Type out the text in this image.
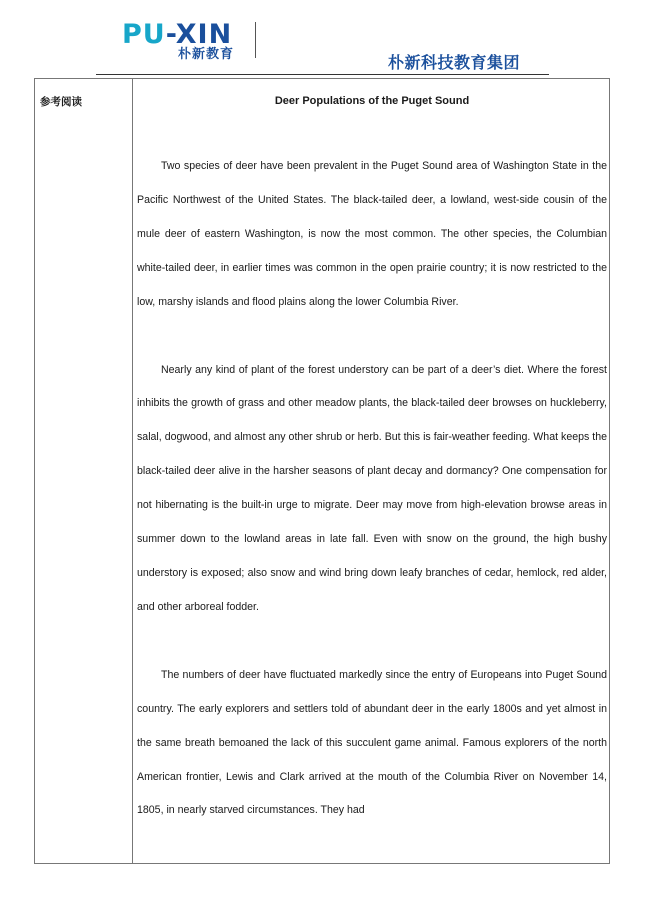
PU-XIN
朴新教育	朴新科技教育集团
参考阅读	Deer Populations of the Puget Sound

Two species of deer have been prevalent in the Puget Sound area of Washington State in the Pacific Northwest of the United States. The black-tailed deer, a lowland, west-side cousin of the mule deer of eastern Washington, is now the most common. The other species, the Columbian white-tailed deer, in earlier times was common in the open prairie country; it is now restricted to the low, marshy islands and flood plains along the lower Columbia River.

Nearly any kind of plant of the forest understory can be part of a deer’s diet. Where the forest inhibits the growth of grass and other meadow plants, the black-tailed deer browses on huckleberry, salal, dogwood, and almost any other shrub or herb. But this is fair-weather feeding. What keeps the black-tailed deer alive in the harsher seasons of plant decay and dormancy? One compensation for not hibernating is the built-in urge to migrate. Deer may move from high-elevation browse areas in summer down to the lowland areas in late fall. Even with snow on the ground, the high bushy understory is exposed; also snow and wind bring down leafy branches of cedar, hemlock, red alder, and other arboreal fodder.

The numbers of deer have fluctuated markedly since the entry of Europeans into Puget Sound country. The early explorers and settlers told of abundant deer in the early 1800s and yet almost in the same breath bemoaned the lack of this succulent game animal. Famous explorers of the north American frontier, Lewis and Clark arrived at the mouth of the Columbia River on November 14, 1805, in nearly starved circumstances. They had
